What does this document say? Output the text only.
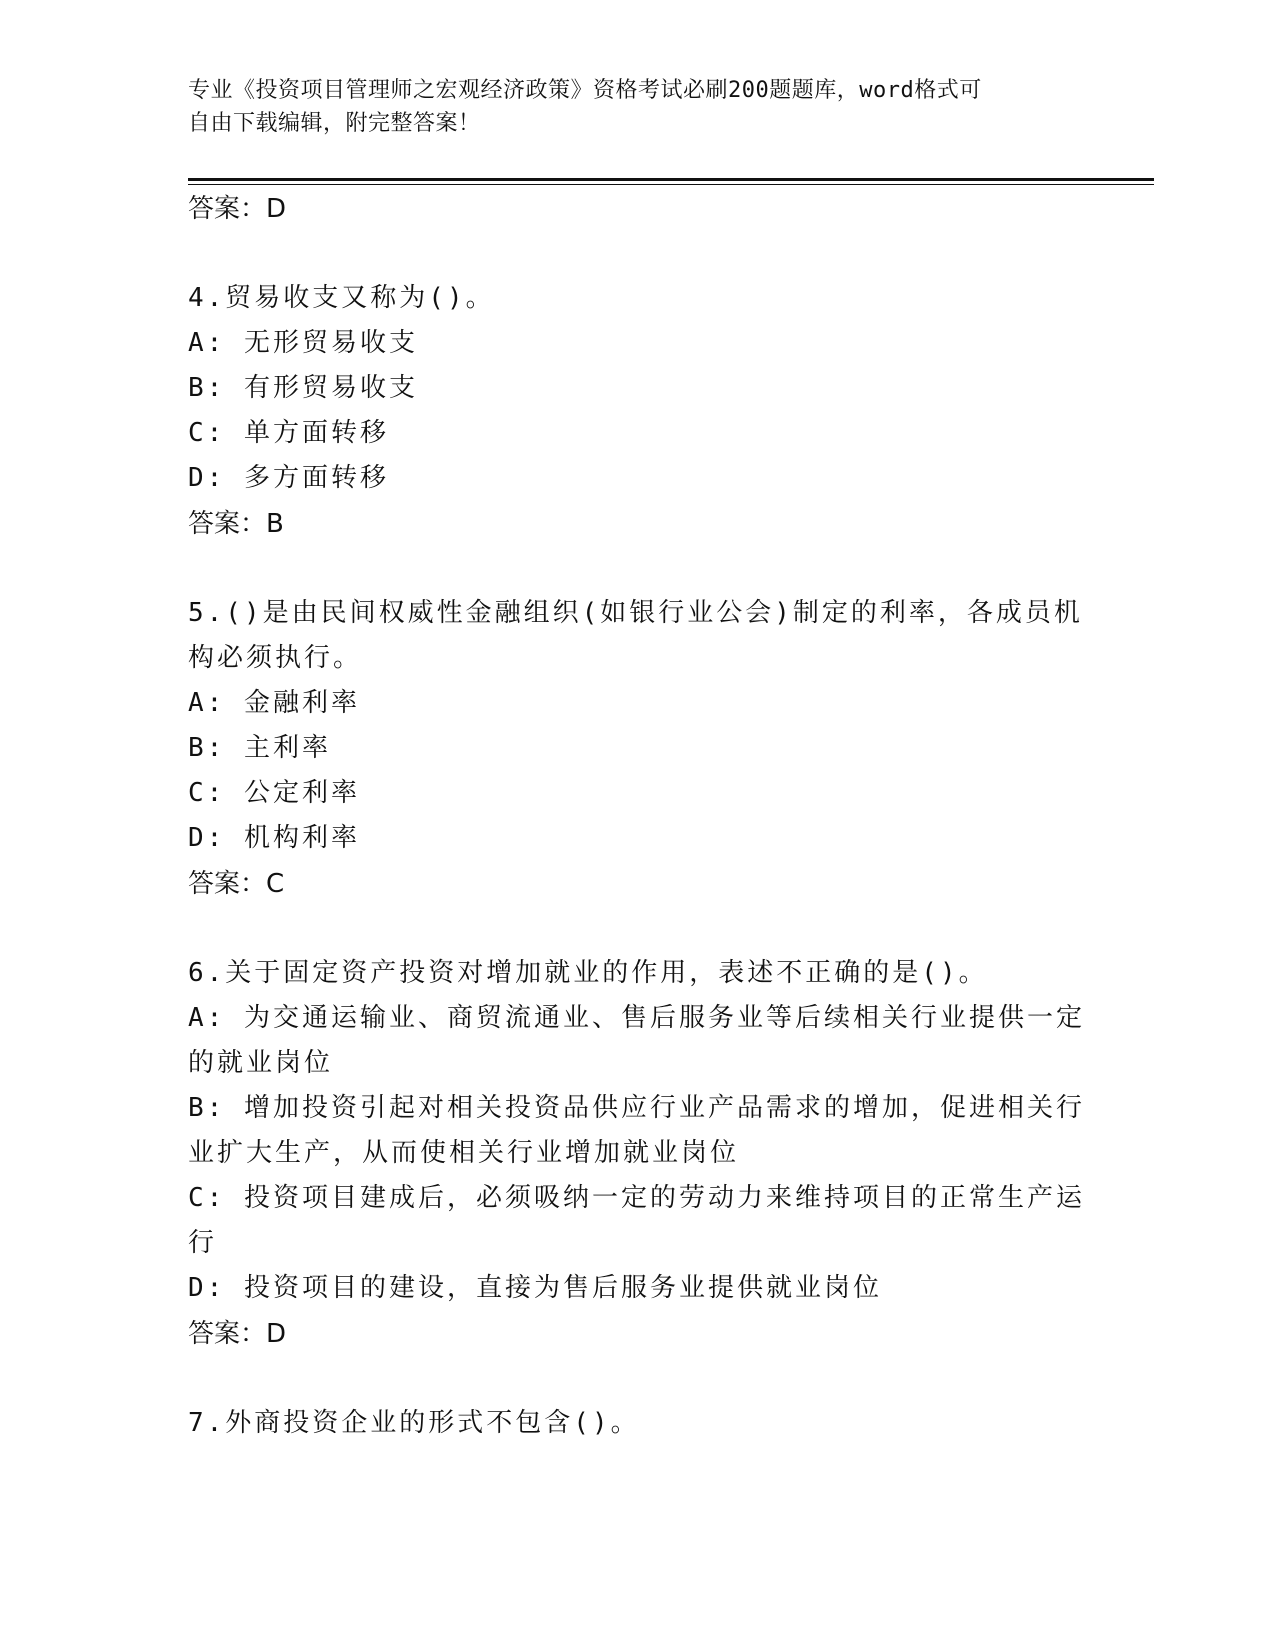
专业《投资项目管理师之宏观经济政策》资格考试必刷200题题库，word格式可
自由下载编辑，附完整答案！

答案：D

4.贸易收支又称为()。

A: 无形贸易收支

B: 有形贸易收支

C: 单方面转移

D: 多方面转移

答案：B

5.()是由民间权威性金融组织(如银行业公会)制定的利率，各成员机

构必须执行。

A: 金融利率

B: 主利率

C: 公定利率

D: 机构利率

答案：C

6.关于固定资产投资对增加就业的作用，表述不正确的是()。

A: 为交通运输业、商贸流通业、售后服务业等后续相关行业提供一定

的就业岗位

B: 增加投资引起对相关投资品供应行业产品需求的增加，促进相关行

业扩大生产，从而使相关行业增加就业岗位

C: 投资项目建成后，必须吸纳一定的劳动力来维持项目的正常生产运

行

D: 投资项目的建设，直接为售后服务业提供就业岗位

答案：D

7.外商投资企业的形式不包含()。
